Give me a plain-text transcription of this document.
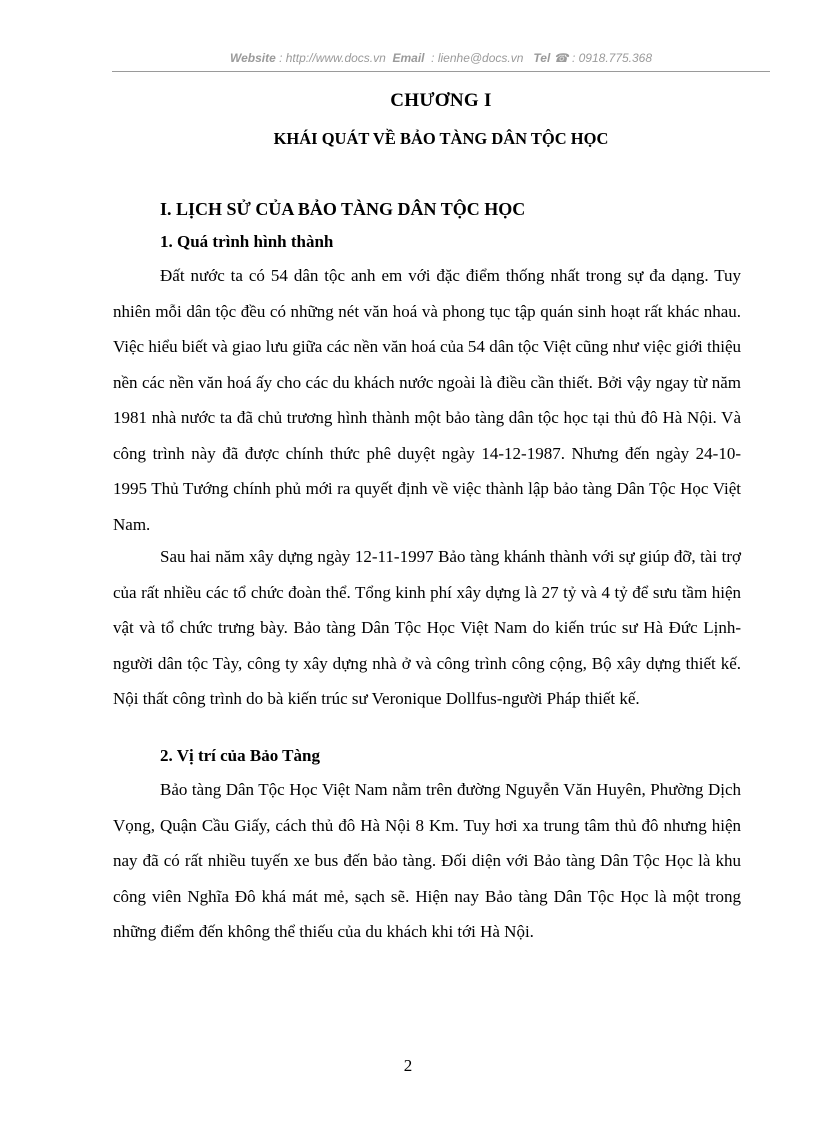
Website : http://www.docs.vn Email : lienhe@docs.vn Tel ☎ : 0918.775.368
CHƯƠNG I
KHÁI QUÁT VỀ BẢO TÀNG DÂN TỘC HỌC
I. LỊCH SỬ CỦA BẢO TÀNG DÂN TỘC HỌC
1. Quá trình hình thành

Đất nước ta có 54 dân tộc anh em với đặc điểm thống nhất trong sự đa dạng. Tuy nhiên mỗi dân tộc đều có những nét văn hoá và phong tục tập quán sinh hoạt rất khác nhau. Việc hiểu biết và giao lưu giữa các nền văn hoá của 54 dân tộc Việt cũng như việc giới thiệu nền các nền văn hoá ấy cho các du khách nước ngoài là điều cần thiết. Bởi vậy ngay từ năm 1981 nhà nước ta đã chủ trương hình thành một bảo tàng dân tộc học tại thủ đô Hà Nội. Và công trình này đã được chính thức phê duyệt ngày 14-12-1987. Nhưng đến ngày 24-10-1995 Thủ Tướng chính phủ mới ra quyết định về việc thành lập bảo tàng Dân Tộc Học Việt Nam.

Sau hai năm xây dựng ngày 12-11-1997 Bảo tàng khánh thành với sự giúp đỡ, tài trợ của rất nhiều các tổ chức đoàn thể. Tổng kinh phí xây dựng là 27 tỷ và 4 tỷ để sưu tầm hiện vật và tổ chức trưng bày. Bảo tàng Dân Tộc Học Việt Nam do kiến trúc sư Hà Đức Lịnh-người dân tộc Tày, công ty xây dựng nhà ở và công trình công cộng, Bộ xây dựng thiết kế. Nội thất công trình do bà kiến trúc sư Veronique Dollfus-người Pháp thiết kế.

2. Vị trí của Bảo Tàng

Bảo tàng Dân Tộc Học Việt Nam nằm trên đường Nguyễn Văn Huyên, Phường Dịch Vọng, Quận Cầu Giấy, cách thủ đô Hà Nội 8 Km. Tuy hơi xa trung tâm thủ đô nhưng hiện nay đã có rất nhiều tuyến xe bus đến bảo tàng. Đối diện với Bảo tàng Dân Tộc Học là khu công viên Nghĩa Đô khá mát mẻ, sạch sẽ. Hiện nay Bảo tàng Dân Tộc Học là một trong những điểm đến không thể thiếu của du khách khi tới Hà Nội.

2
